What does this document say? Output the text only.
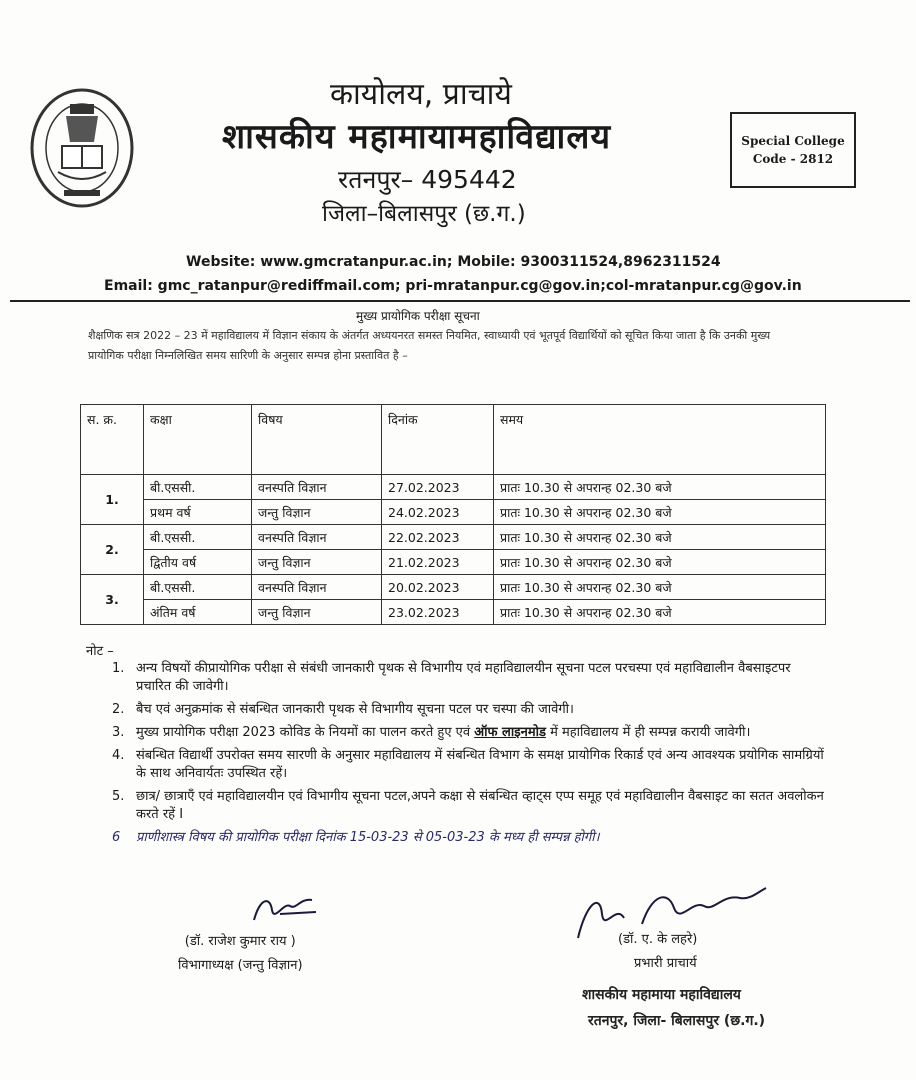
कायोलय, प्राचाये
शासकीय महामायामहाविद्यालय
रतनपुर– 495442
जिला–बिलासपुर (छ.ग.)
Special College
Code - 2812
Website: www.gmcratanpur.ac.in; Mobile: 9300311524,8962311524
Email: gmc_ratanpur@rediffmail.com; pri-mratanpur.cg@gov.in;col-mratanpur.cg@gov.in
मुख्य प्रायोगिक परीक्षा सूचना
शैक्षणिक सत्र 2022 – 23 में महाविद्यालय में विज्ञान संकाय के अंतर्गत अध्ययनरत समस्त नियमित, स्वाध्यायी एवं भूतपूर्व विद्यार्थियों को सूचित किया जाता है कि उनकी मुख्य प्रायोगिक परीक्षा निम्नलिखित समय सारिणी के अनुसार सम्पन्न होना प्रस्तावित है –
स. क्र.	कक्षा	विषय	दिनांक	समय
1.	बी.एससी.	वनस्पति विज्ञान	27.02.2023	प्रातः 10.30 से अपरान्ह 02.30 बजे
	प्रथम वर्ष	जन्तु विज्ञान	24.02.2023	प्रातः 10.30 से अपरान्ह 02.30 बजे
2.	बी.एससी.	वनस्पति विज्ञान	22.02.2023	प्रातः 10.30 से अपरान्ह 02.30 बजे
	द्वितीय वर्ष	जन्तु विज्ञान	21.02.2023	प्रातः 10.30 से अपरान्ह 02.30 बजे
3.	बी.एससी.	वनस्पति विज्ञान	20.02.2023	प्रातः 10.30 से अपरान्ह 02.30 बजे
	अंतिम वर्ष	जन्तु विज्ञान	23.02.2023	प्रातः 10.30 से अपरान्ह 02.30 बजे
नोट –
1. अन्य विषयों कीप्रायोगिक परीक्षा से संबंधी जानकारी पृथक से विभागीय एवं महाविद्यालयीन सूचना पटल परचस्पा एवं महाविद्यालीन वैबसाइटपर प्रचारित की जावेगी।
2. बैच एवं अनुक्रमांक से संबन्धित जानकारी पृथक से विभागीय सूचना पटल पर चस्पा की जावेगी।
3. मुख्य प्रायोगिक परीक्षा 2023 कोविड के नियमों का पालन करते हुए एवं ऑफ लाइनमोड में महाविद्यालय में ही सम्पन्न करायी जावेगी।
4. संबन्धित विद्यार्थी उपरोक्त समय सारणी के अनुसार महाविद्यालय में संबन्धित विभाग के समक्ष प्रायोगिक रिकार्ड एवं अन्य आवश्यक प्रयोगिक सामग्रियों के साथ अनिवार्यतः उपस्थित रहें।
5. छात्र/ छात्राएँ एवं महाविद्यालयीन एवं विभागीय सूचना पटल,अपने कक्षा से संबन्धित व्हाट्स एप्प समूह एवं महाविद्यालीन वैबसाइट का सतत अवलोकन करते रहें I
6 प्राणीशास्त्र विषय की प्रायोगिक परीक्षा दिनांक 15-03-23 से 05-03-23 के मध्य ही सम्पन्न होगी।
(डॉ. राजेश कुमार राय )
विभागाध्यक्ष (जन्तु विज्ञान)
(डॉ. ए. के लहरे)
प्रभारी प्राचार्य
शासकीय महामाया महाविद्यालय
रतनपुर, जिला- बिलासपुर (छ.ग.)
